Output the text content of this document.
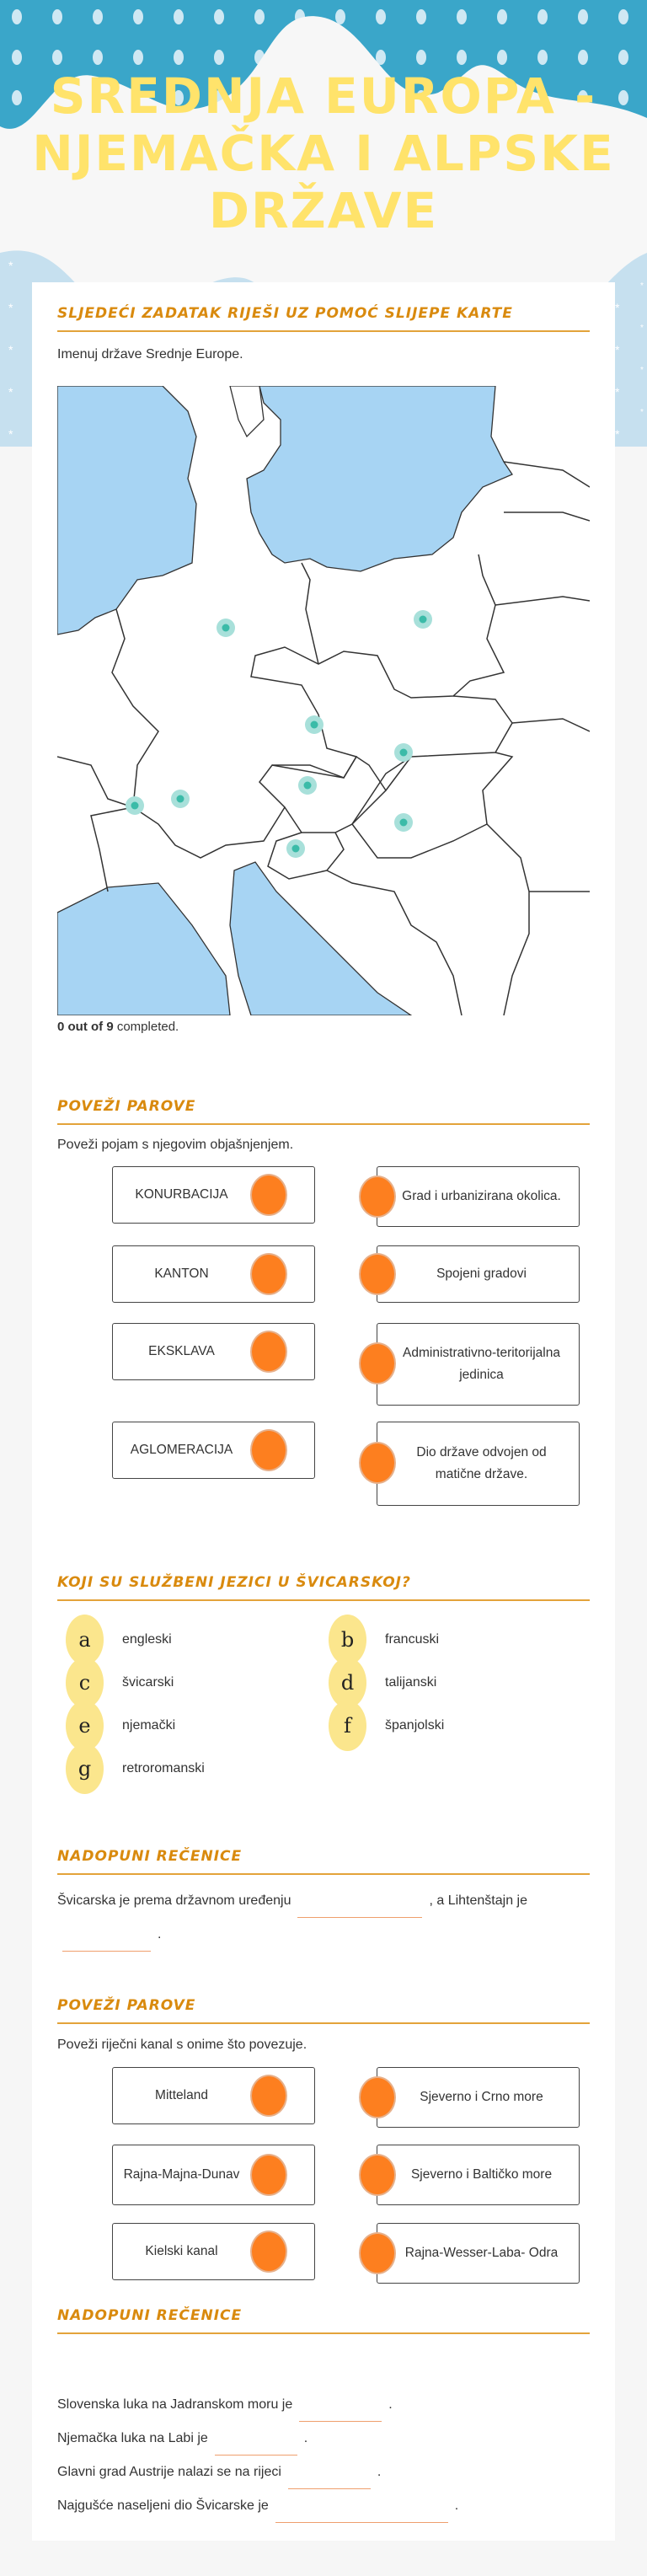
SREDNJA EUROPA - NJEMAČKA I ALPSKE DRŽAVE
SLJEDEĆI ZADATAK RIJEŠI UZ POMOĆ SLIJEPE KARTE
Imenuj države Srednje Europe.
0 out of 9 completed.
POVEŽI PAROVE
Poveži pojam s njegovim objašnjenjem.
KONURBACIJA
KANTON
EKSKLAVA
AGLOMERACIJA
Grad i urbanizirana okolica.
Spojeni gradovi
Administrativno-teritorijalna jedinica
Dio države odvojen od matične države.
KOJI SU SLUŽBENI JEZICI U ŠVICARSKOJ?
a	engleski	b	francuski
c	švicarski	d	talijanski
e	njemački	f	španjolski
g	retroromanski
NADOPUNI REČENICE
Švicarska je prema državnom uređenju	, a Lihtenštajn je
.
POVEŽI PAROVE
Poveži riječni kanal s onime što povezuje.
Mitteland
Rajna-Majna-Dunav
Kielski kanal
Sjeverno i Crno more
Sjeverno i Baltičko more
Rajna-Wesser-Laba- Odra
NADOPUNI REČENICE
Slovenska luka na Jadranskom moru je	.
Njemačka luka na Labi je	.
Glavni grad Austrije nalazi se na rijeci	.
Najgušće naseljeni dio Švicarske je	.
